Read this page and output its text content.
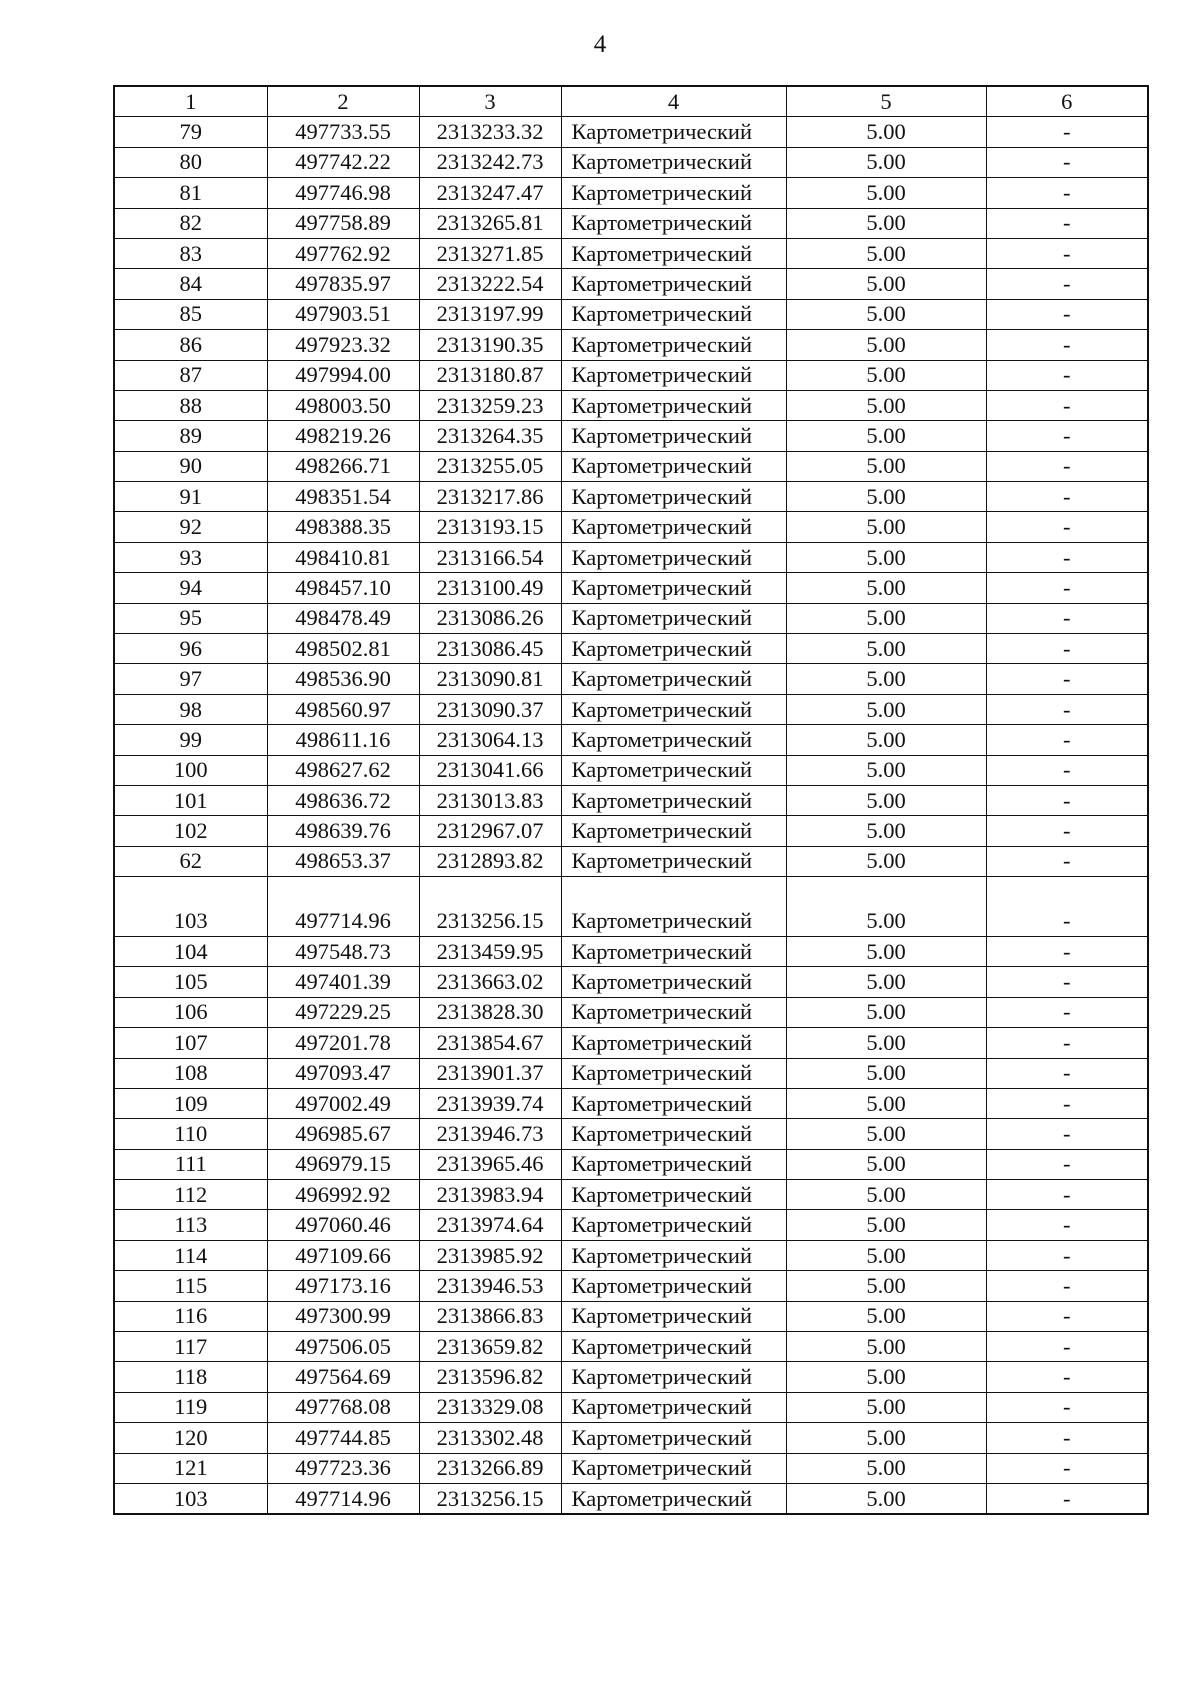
4
1	2	3	4	5	6
79	497733.55	2313233.32	Картометрический	5.00	-
80	497742.22	2313242.73	Картометрический	5.00	-
81	497746.98	2313247.47	Картометрический	5.00	-
82	497758.89	2313265.81	Картометрический	5.00	-
83	497762.92	2313271.85	Картометрический	5.00	-
84	497835.97	2313222.54	Картометрический	5.00	-
85	497903.51	2313197.99	Картометрический	5.00	-
86	497923.32	2313190.35	Картометрический	5.00	-
87	497994.00	2313180.87	Картометрический	5.00	-
88	498003.50	2313259.23	Картометрический	5.00	-
89	498219.26	2313264.35	Картометрический	5.00	-
90	498266.71	2313255.05	Картометрический	5.00	-
91	498351.54	2313217.86	Картометрический	5.00	-
92	498388.35	2313193.15	Картометрический	5.00	-
93	498410.81	2313166.54	Картометрический	5.00	-
94	498457.10	2313100.49	Картометрический	5.00	-
95	498478.49	2313086.26	Картометрический	5.00	-
96	498502.81	2313086.45	Картометрический	5.00	-
97	498536.90	2313090.81	Картометрический	5.00	-
98	498560.97	2313090.37	Картометрический	5.00	-
99	498611.16	2313064.13	Картометрический	5.00	-
100	498627.62	2313041.66	Картометрический	5.00	-
101	498636.72	2313013.83	Картометрический	5.00	-
102	498639.76	2312967.07	Картометрический	5.00	-
62	498653.37	2312893.82	Картометрический	5.00	-

103	497714.96	2313256.15	Картометрический	5.00	-
104	497548.73	2313459.95	Картометрический	5.00	-
105	497401.39	2313663.02	Картометрический	5.00	-
106	497229.25	2313828.30	Картометрический	5.00	-
107	497201.78	2313854.67	Картометрический	5.00	-
108	497093.47	2313901.37	Картометрический	5.00	-
109	497002.49	2313939.74	Картометрический	5.00	-
110	496985.67	2313946.73	Картометрический	5.00	-
111	496979.15	2313965.46	Картометрический	5.00	-
112	496992.92	2313983.94	Картометрический	5.00	-
113	497060.46	2313974.64	Картометрический	5.00	-
114	497109.66	2313985.92	Картометрический	5.00	-
115	497173.16	2313946.53	Картометрический	5.00	-
116	497300.99	2313866.83	Картометрический	5.00	-
117	497506.05	2313659.82	Картометрический	5.00	-
118	497564.69	2313596.82	Картометрический	5.00	-
119	497768.08	2313329.08	Картометрический	5.00	-
120	497744.85	2313302.48	Картометрический	5.00	-
121	497723.36	2313266.89	Картометрический	5.00	-
103	497714.96	2313256.15	Картометрический	5.00	-
